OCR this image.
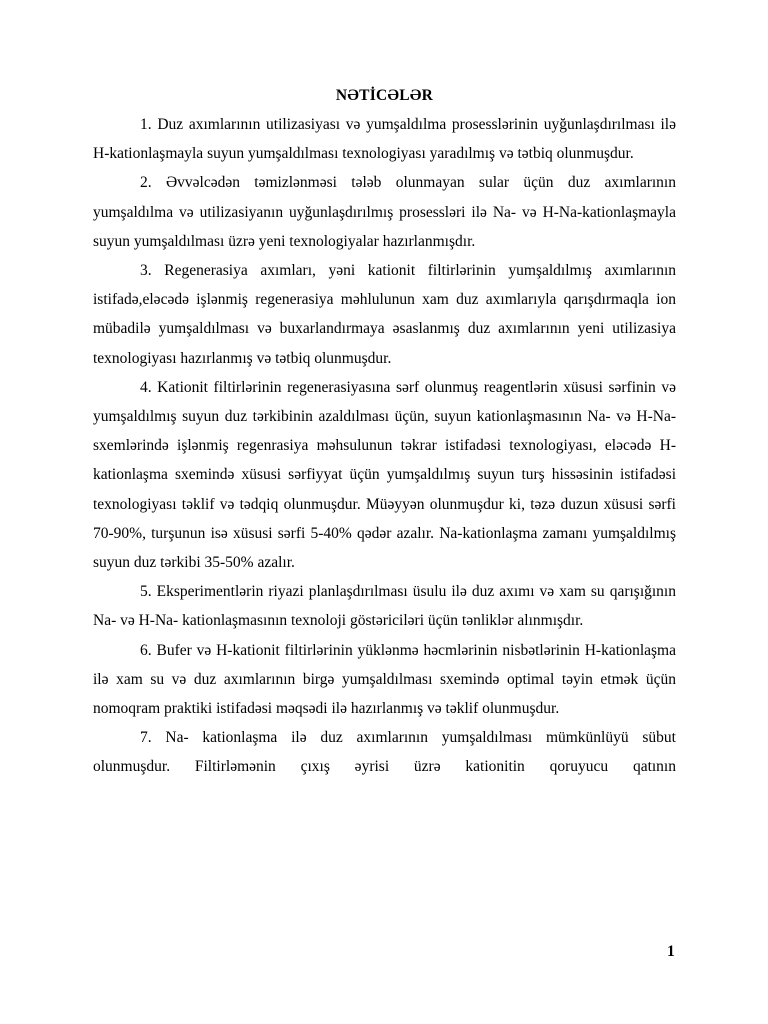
NƏTİCƏLƏR

1. Duz axımlarının utilizasiyası və yumşaldılma prosesslərinin uyğunlaşdırılması ilə H-kationlaşmayla suyun yumşaldılması texnologiyası yaradılmış və tətbiq olunmuşdur.

2. Əvvəlcədən təmizlənməsi tələb olunmayan sular üçün duz axımlarının yumşaldılma və utilizasiyanın uyğunlaşdırılmış prosessləri ilə Na- və H-Na-kationlaşmayla suyun yumşaldılması üzrə yeni texnologiyalar hazırlanmışdır.

3. Regenerasiya axımları, yəni kationit filtirlərinin yumşaldılmış axımlarının istifadə,eləcədə işlənmiş regenerasiya məhlulunun xam duz axımlarıyla qarışdırmaqla ion mübadilə yumşaldılması və buxarlandırmaya əsaslanmış duz axımlarının yeni utilizasiya texnologiyası hazırlanmış və tətbiq olunmuşdur.

4. Kationit filtirlərinin regenerasiyasına sərf olunmuş reagentlərin xüsusi sərfinin və yumşaldılmış suyun duz tərkibinin azaldılması üçün, suyun kationlaşmasının Na- və H-Na- sxemlərində işlənmiş regenrasiya məhsulunun təkrar istifadəsi texnologiyası, eləcədə H-kationlaşma sxemində xüsusi sərfiyyat üçün yumşaldılmış suyun turş hissəsinin istifadəsi texnologiyası təklif və tədqiq olunmuşdur. Müəyyən olunmuşdur ki, təzə duzun xüsusi sərfi 70-90%, turşunun isə xüsusi sərfi 5-40% qədər azalır. Na-kationlaşma zamanı yumşaldılmış suyun duz tərkibi 35-50% azalır.

5. Eksperimentlərin riyazi planlaşdırılması üsulu ilə duz axımı və xam su qarışığının Na- və H-Na- kationlaşmasının texnoloji göstəriciləri üçün tənliklər alınmışdır.

6. Bufer və H-kationit filtirlərinin yüklənmə həcmlərinin nisbətlərinin H-kationlaşma ilə xam su və duz axımlarının birgə yumşaldılması sxemində optimal təyin etmək üçün nomoqram praktiki istifadəsi məqsədi ilə hazırlanmış və təklif olunmuşdur.

7. Na- kationlaşma ilə duz axımlarının yumşaldılması mümkünlüyü sübut olunmuşdur. Filtirləmənin çıxış əyrisi üzrə kationitin qoruyucu qatının

1
